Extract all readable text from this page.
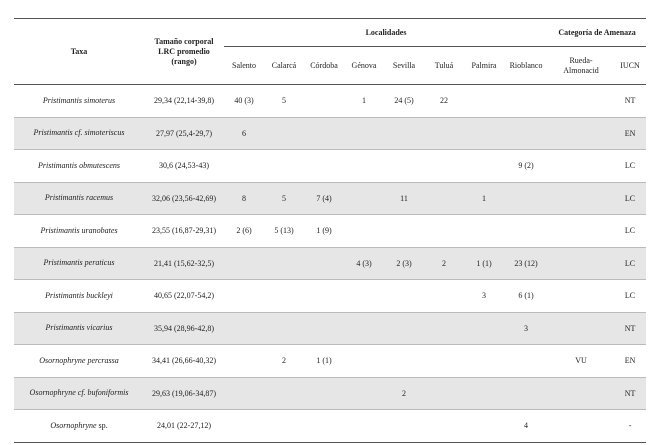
Taxa	Tamaño corporal
LRC promedio
(rango)	Localidades								Categoría de Amenaza	
		Salento	Calarcá	Córdoba	Génova	Sevilla	Tuluá	Palmira	Rioblanco	Rueda-
Almonacid	IUCN
Pristimantis simoterus	29,34 (22,14-39,8)	40 (3)	5		1	24 (5)	22				NT
Pristimantis cf. simoteriscus	27,97 (25,4-29,7)	6									EN
Pristimantis obmutescens	30,6 (24,53-43)								9 (2)		LC
Pristimantis racemus	32,06 (23,56-42,69)	8	5	7 (4)		11		1			LC
Pristimantis uranobates	23,55 (16,87-29,31)	2 (6)	5 (13)	1 (9)							LC
Pristimantis peraticus	21,41 (15,62-32,5)				4 (3)	2 (3)	2	1 (1)	23 (12)		LC
Pristimantis buckleyi	40,65 (22,07-54,2)							3	6 (1)		LC
Pristimantis vicarius	35,94 (28,96-42,8)								3		NT
Osornophryne percrassa	34,41 (26,66-40,32)		2	1 (1)						VU	EN
Osornophryne cf. bufoniformis	29,63 (19,06-34,87)					2					NT
Osornophryne sp.	24,01 (22-27,12)								4		-
